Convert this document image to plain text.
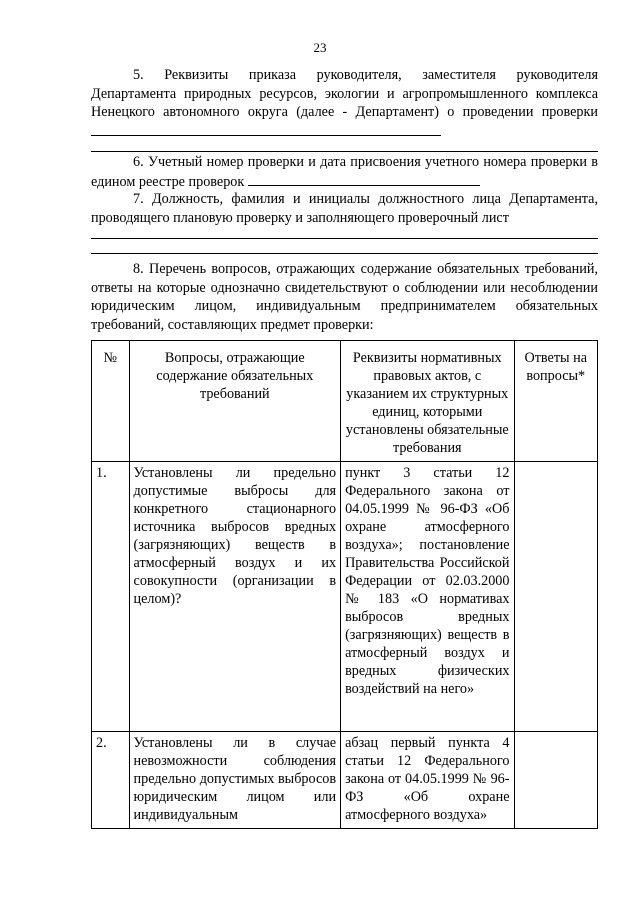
23
5. Реквизиты приказа руководителя, заместителя руководителя Департамента природных ресурсов, экологии и агропромышленного комплекса Ненецкого автономного округа (далее - Департамент) о проведении проверки
6. Учетный номер проверки и дата присвоения учетного номера проверки в едином реестре проверок
7. Должность, фамилия и инициалы должностного лица Департамента, проводящего плановую проверку и заполняющего проверочный лист
8. Перечень вопросов, отражающих содержание обязательных требований, ответы на которые однозначно свидетельствуют о соблюдении или несоблюдении юридическим лицом, индивидуальным предпринимателем обязательных требований, составляющих предмет проверки:
№	Вопросы, отражающие содержание обязательных требований	Реквизиты нормативных правовых актов, с указанием их структурных единиц, которыми установлены обязательные требования	Ответы на вопросы*
1.	Установлены ли предельно допустимые выбросы для конкретного стационарного источника выбросов вредных (загрязняющих) веществ в атмосферный воздух и их совокупности (организации в целом)?	пункт 3 статьи 12 Федерального закона от 04.05.1999 № 96-ФЗ «Об охране атмосферного воздуха»; постановление Правительства Российской Федерации от 02.03.2000 № 183 «О нормативах выбросов вредных (загрязняющих) веществ в атмосферный воздух и вредных физических воздействий на него»	
2.	Установлены ли в случае невозможности соблюдения предельно допустимых выбросов юридическим лицом или индивидуальным	абзац первый пункта 4 статьи 12 Федерального закона от 04.05.1999 № 96-ФЗ «Об охране атмосферного воздуха»	
